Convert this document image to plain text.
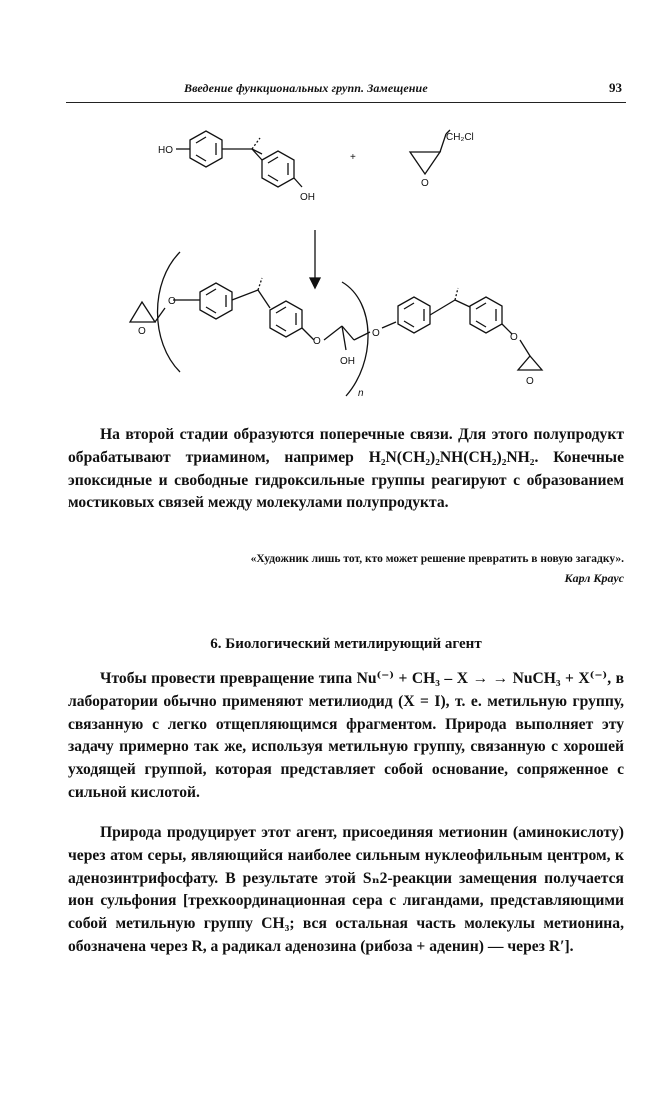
Введение функциональных групп. Замещение	93
HO
OH
+
CH₂Cl
O
O
O
O
O	O
O
OH
n

На второй стадии образуются поперечные связи. Для этого полупродукт обрабатывают триамином, например H₂N(CH₂)₂NH(CH₂)₂NH₂. Конечные эпоксидные и свободные гидроксильные группы реагируют с образованием мостиковых связей между молекулами полупродукта.

«Художник лишь тот, кто может решение превратить в новую загадку».
Карл Краус
6. Биологический метилирующий агент

Чтобы провести превращение типа Nu⁽⁻⁾ + CH₃ – X → → NuCH₃ + X⁽⁻⁾, в лаборатории обычно применяют метилиодид (X = I), т. е. метильную группу, связанную с легко отщепляющимся фрагментом. Природа выполняет эту задачу примерно так же, используя метильную группу, связанную с хорошей уходящей группой, которая представляет собой основание, сопряженное с сильной кислотой.

Природа продуцирует этот агент, присоединяя метионин (аминокислоту) через атом серы, являющийся наиболее сильным нуклеофильным центром, к аденозинтрифосфату. В результате этой Sₙ⁠2-реакции замещения получается ион сульфония [трехкоординационная сера с лигандами, представляющими собой метильную группу CH₃; вся остальная часть молекулы метионина, обозначена через R, а радикал аденозина (рибоза + аденин) — через R′].
